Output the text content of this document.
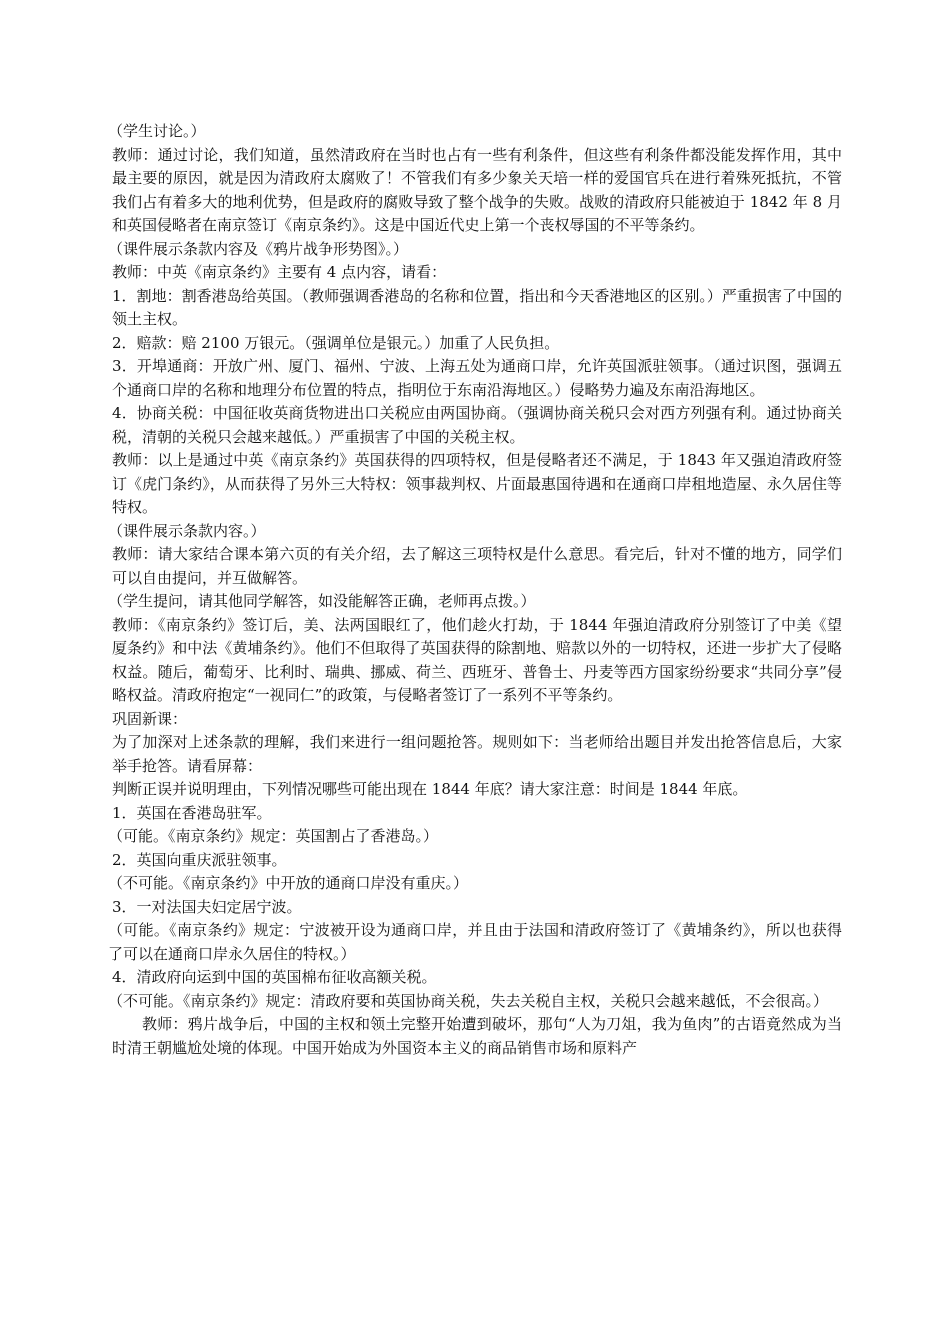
（学生讨论。）

教师：通过讨论，我们知道，虽然清政府在当时也占有一些有利条件，但这些有利条件都没能发挥作用，其中最主要的原因，就是因为清政府太腐败了！不管我们有多少象关天培一样的爱国官兵在进行着殊死抵抗，不管我们占有着多大的地利优势，但是政府的腐败导致了整个战争的失败。战败的清政府只能被迫于 1842 年 8 月和英国侵略者在南京签订《南京条约》。这是中国近代史上第一个丧权辱国的不平等条约。

（课件展示条款内容及《鸦片战争形势图》。）

教师：中英《南京条约》主要有 4 点内容，请看：

1．割地：割香港岛给英国。（教师强调香港岛的名称和位置，指出和今天香港地区的区别。）严重损害了中国的领土主权。

2．赔款：赔 2100 万银元。（强调单位是银元。）加重了人民负担。

3．开埠通商：开放广州、厦门、福州、宁波、上海五处为通商口岸，允许英国派驻领事。（通过识图，强调五个通商口岸的名称和地理分布位置的特点，指明位于东南沿海地区。）侵略势力遍及东南沿海地区。

4．协商关税：中国征收英商货物进出口关税应由两国协商。（强调协商关税只会对西方列强有利。通过协商关税，清朝的关税只会越来越低。）严重损害了中国的关税主权。

教师：以上是通过中英《南京条约》英国获得的四项特权，但是侵略者还不满足，于 1843 年又强迫清政府签订《虎门条约》，从而获得了另外三大特权：领事裁判权、片面最惠国待遇和在通商口岸租地造屋、永久居住等特权。

（课件展示条款内容。）

教师：请大家结合课本第六页的有关介绍，去了解这三项特权是什么意思。看完后，针对不懂的地方，同学们可以自由提问，并互做解答。

（学生提问，请其他同学解答，如没能解答正确，老师再点拨。）

教师：《南京条约》签订后，美、法两国眼红了，他们趁火打劫，于 1844 年强迫清政府分别签订了中美《望厦条约》和中法《黄埔条约》。他们不但取得了英国获得的除割地、赔款以外的一切特权，还进一步扩大了侵略权益。随后，葡萄牙、比利时、瑞典、挪威、荷兰、西班牙、普鲁士、丹麦等西方国家纷纷要求“共同分享”侵略权益。清政府抱定“一视同仁”的政策，与侵略者签订了一系列不平等条约。

巩固新课：

为了加深对上述条款的理解，我们来进行一组问题抢答。规则如下：当老师给出题目并发出抢答信息后，大家举手抢答。请看屏幕：

判断正误并说明理由，下列情况哪些可能出现在 1844 年底？请大家注意：时间是 1844 年底。

1．英国在香港岛驻军。

（可能。《南京条约》规定：英国割占了香港岛。）

2．英国向重庆派驻领事。

（不可能。《南京条约》中开放的通商口岸没有重庆。）

3．一对法国夫妇定居宁波。

（可能。《南京条约》规定：宁波被开设为通商口岸，并且由于法国和清政府签订了《黄埔条约》，所以也获得了可以在通商口岸永久居住的特权。）

4．清政府向运到中国的英国棉布征收高额关税。

（不可能。《南京条约》规定：清政府要和英国协商关税，失去关税自主权，关税只会越来越低，不会很高。）

教师：鸦片战争后，中国的主权和领土完整开始遭到破坏，那句“人为刀俎，我为鱼肉”的古语竟然成为当时清王朝尴尬处境的体现。中国开始成为外国资本主义的商品销售市场和原料产
